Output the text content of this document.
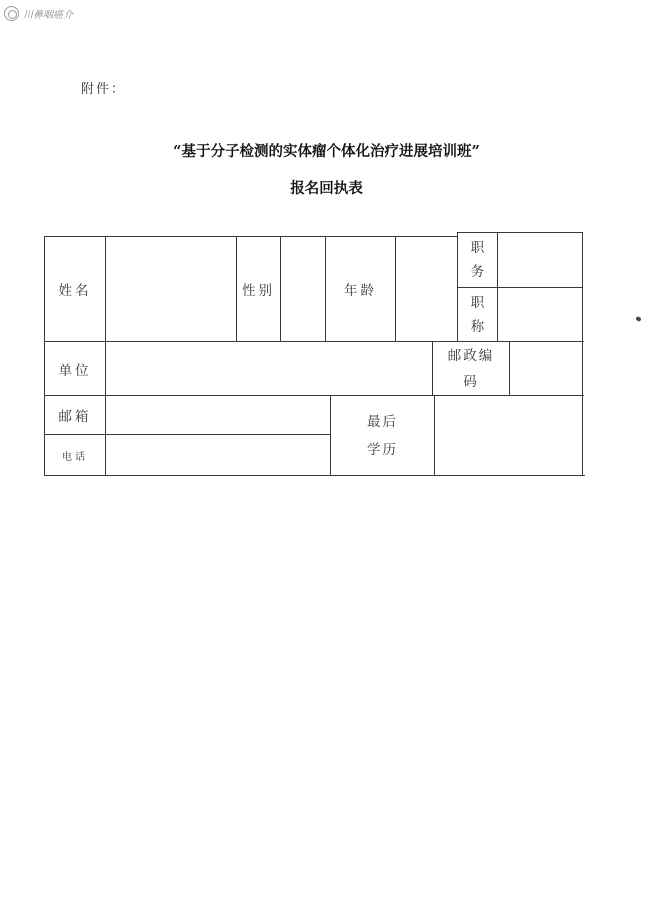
川鼻咽癌介
附件：
“基于分子检测的实体瘤个体化治疗进展培训班”
报名回执表
姓名	性别	年龄
职
务
职
称
单位
邮政编
码
邮箱
电话
最后
学历
